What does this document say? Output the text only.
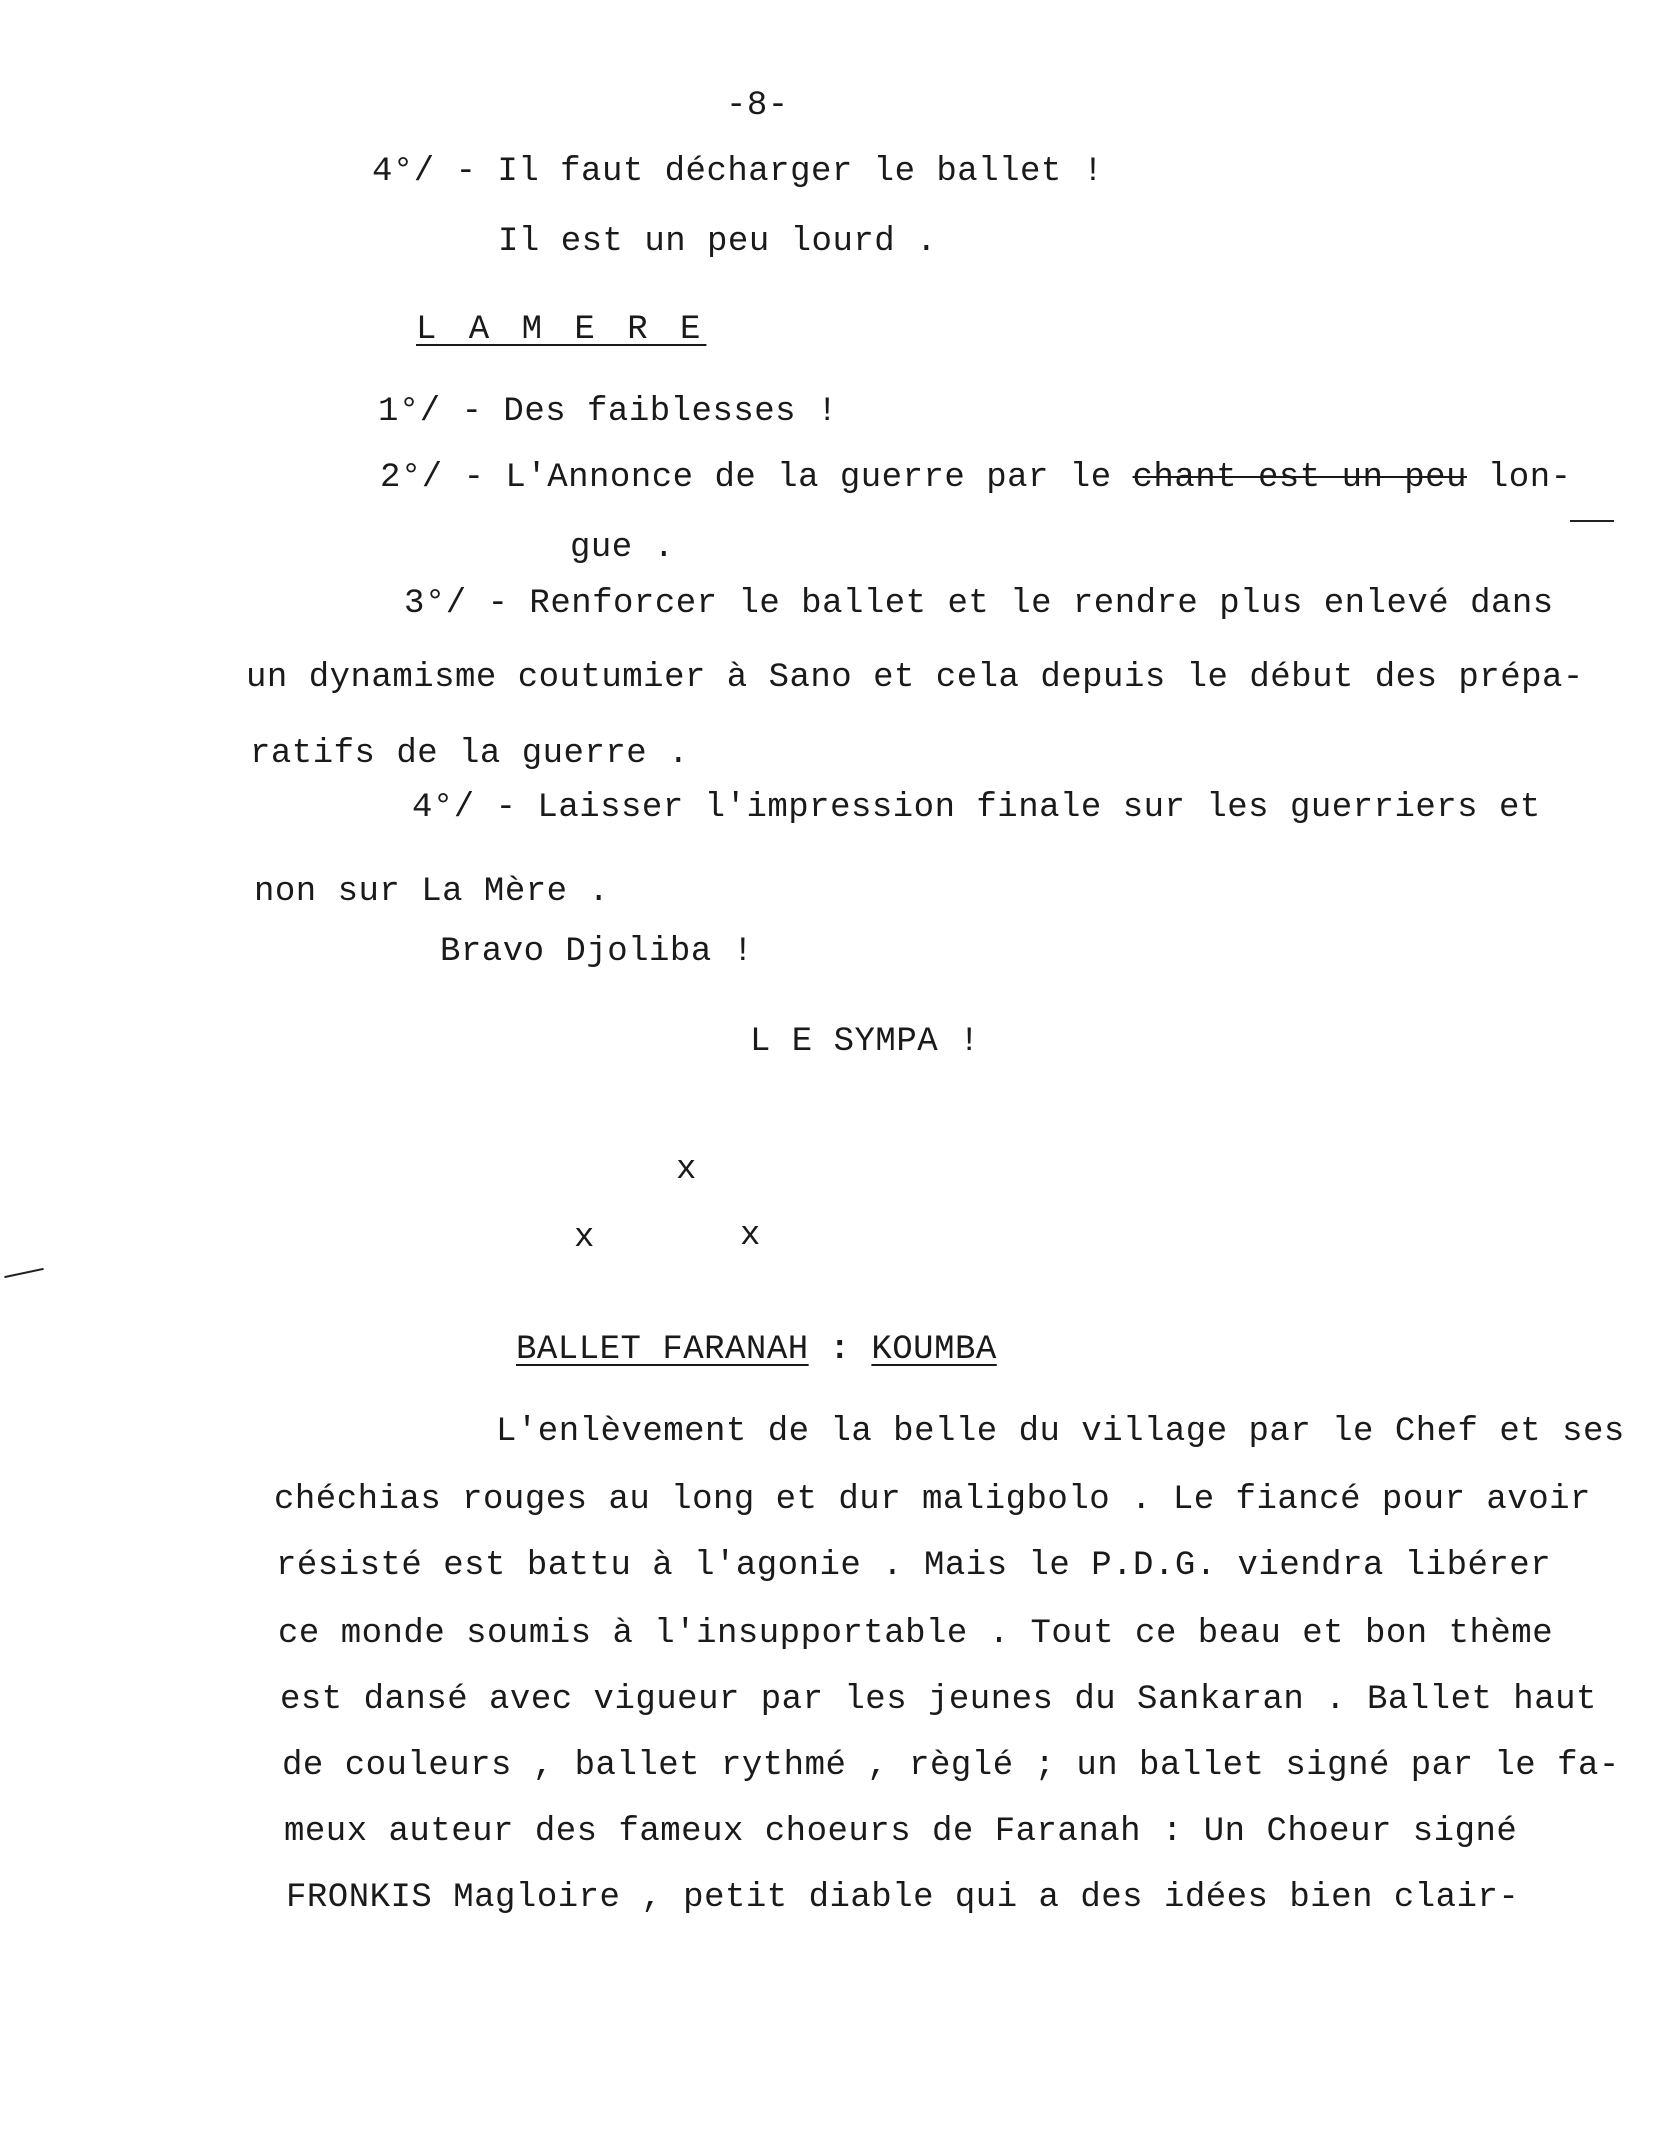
-8-
4°/ - Il faut décharger le ballet !
Il est un peu lourd .
L A M E R E
1°/ - Des faiblesses !
2°/ - L'Annonce de la guerre par le chant est un peu lon-
gue .
3°/ - Renforcer le ballet et le rendre plus enlevé dans
un dynamisme coutumier à Sano et cela depuis le début des prépa-
ratifs de la guerre .
4°/ - Laisser l'impression finale sur les guerriers et
non sur La Mère .
Bravo Djoliba !
L E SYMPA !
x
x	x
BALLET FARANAH : KOUMBA
L'enlèvement de la belle du village par le Chef et ses
chéchias rouges au long et dur maligbolo . Le fiancé pour avoir
résisté est battu à l'agonie . Mais le P.D.G. viendra libérer
ce monde soumis à l'insupportable . Tout ce beau et bon thème
est dansé avec vigueur par les jeunes du Sankaran . Ballet haut
de couleurs , ballet rythmé , règlé ; un ballet signé par le fa-
meux auteur des fameux choeurs de Faranah : Un Choeur signé
FRONKIS Magloire , petit diable qui a des idées bien clair-
